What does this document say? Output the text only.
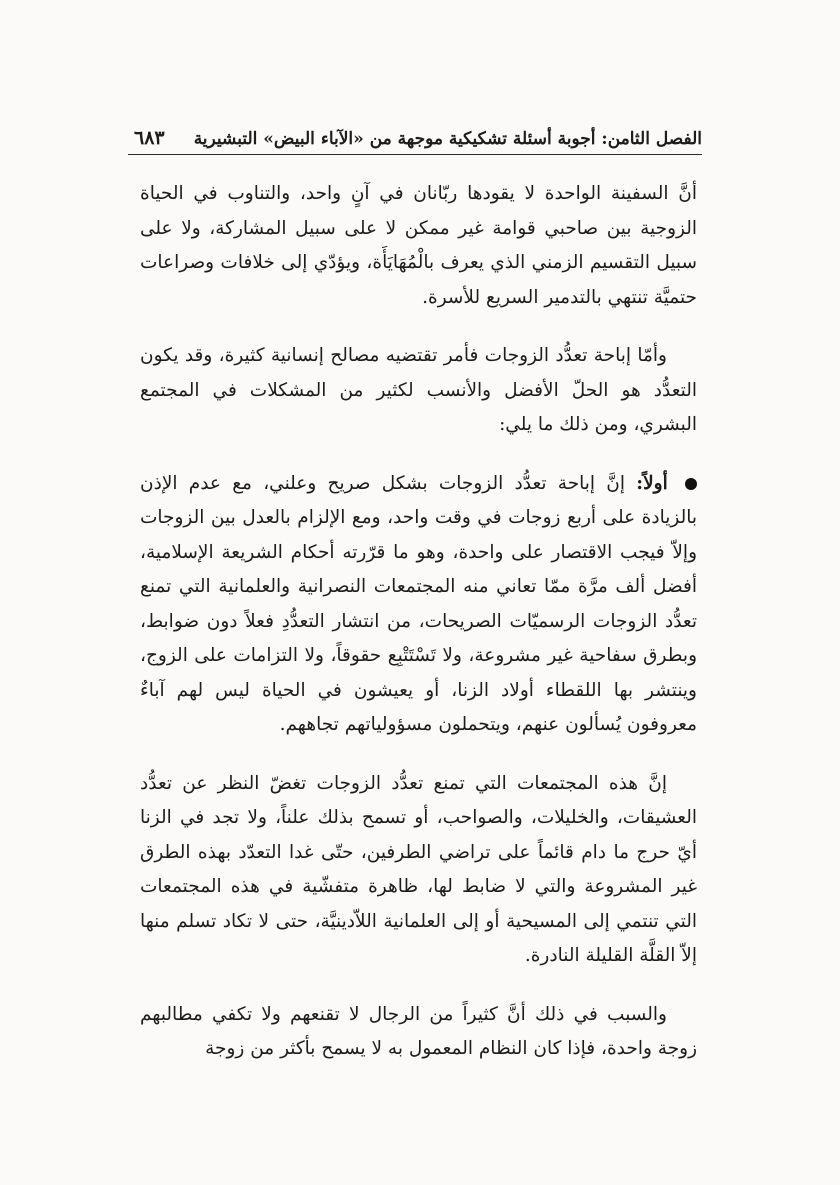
الفصل الثامن: أجوبة أسئلة تشكيكية موجهة من «الآباء البيض» التبشيرية
٦٨٣

أنَّ السفينة الواحدة لا يقودها ربّانان في آنٍ واحد، والتناوب في الحياة الزوجية بين صاحبي قوامة غير ممكن لا على سبيل المشاركة، ولا على سبيل التقسيم الزمني الذي يعرف بالْمُهَايَأَة، ويؤدّي إلى خلافات وصراعات حتميَّة تنتهي بالتدمير السريع للأسرة.

وأمّا إباحة تعدُّد الزوجات فأمر تقتضيه مصالح إنسانية كثيرة، وقد يكون التعدُّد هو الحلّ الأفضل والأنسب لكثير من المشكلات في المجتمع البشري، ومن ذلك ما يلي:

أولاً: إنَّ إباحة تعدُّد الزوجات بشكل صريح وعلني، مع عدم الإذن بالزيادة على أربع زوجات في وقت واحد، ومع الإلزام بالعدل بين الزوجات وإلاّ فيجب الاقتصار على واحدة، وهو ما قرّرته أحكام الشريعة الإسلامية، أفضل ألف مرَّة ممّا تعاني منه المجتمعات النصرانية والعلمانية التي تمنع تعدُّد الزوجات الرسميّات الصريحات، من انتشار التعدُّدِ فعلاً دون ضوابط، وبطرق سفاحية غير مشروعة، ولا تَسْتَتْبِع حقوقاً، ولا التزامات على الزوج، وينتشر بها اللقطاء أولاد الزنا، أو يعيشون في الحياة ليس لهم آباءٌ معروفون يُسألون عنهم، ويتحملون مسؤولياتهم تجاههم.

إنَّ هذه المجتمعات التي تمنع تعدُّد الزوجات تغضّ النظر عن تعدُّد العشيقات، والخليلات، والصواحب، أو تسمح بذلك علناً، ولا تجد في الزنا أيّ حرج ما دام قائماً على تراضي الطرفين، حتّى غدا التعدّد بهذه الطرق غير المشروعة والتي لا ضابط لها، ظاهرة متفشّية في هذه المجتمعات التي تنتمي إلى المسيحية أو إلى العلمانية اللاّدينيَّة، حتى لا تكاد تسلم منها إلاّ القلَّة القليلة النادرة.

والسبب في ذلك أنَّ كثيراً من الرجال لا تقنعهم ولا تكفي مطالبهم زوجة واحدة، فإذا كان النظام المعمول به لا يسمح بأكثر من زوجة
